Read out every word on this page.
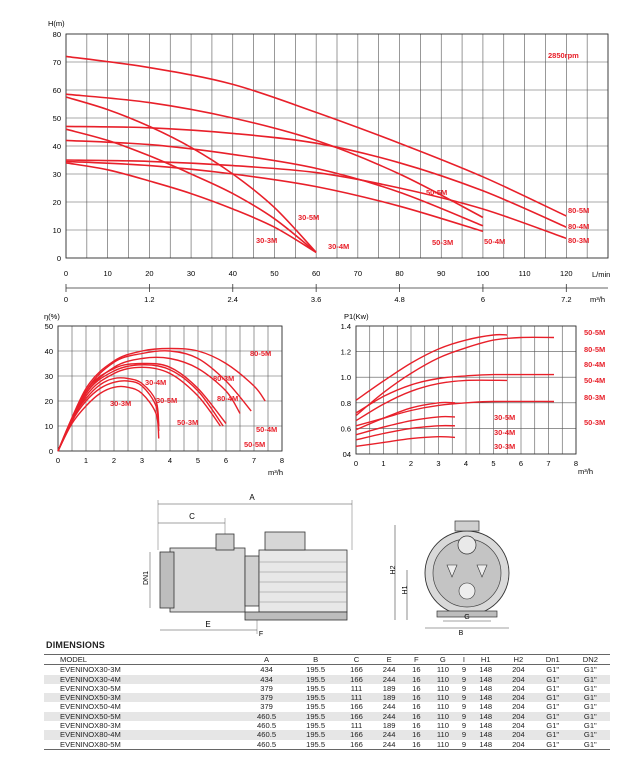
0
10
20
30
40
50
60
70
80
0	10	20	30	40	50	60	70	80	90	100	110	120
H(m)
L/min
2850rpm
0	1.2	2.4	3.6	4.8	6	7.2 m³/h
30-3M
30-4M
30-5M
50-3M	50-4M
50-5M
80-3M
80-4M
80-5M
0
10
20
30
40
50
0	1	2	3	4	5	6	7	8
ŋ(%)
m³/h
80-5M
80-3M
30-4M
30-3M	30-5M	80-4M
50-3M
50-4M
50-5M
04
0.6
0.8
1.0
1.2
1.4
0	1	2	3	4	5	6	7	8
P1(Kw)
m³/h
50-5M
80-5M
80-4M
50-4M
80-3M
50-3M
30-5M
30-4M
30-3M
A
C
DN1
E
F
H2
H1
G
B
DIMENSIONS
MODEL	A	B	C	E	F	G	I	H1	H2	Dn1	DN2
EVENINOX30-3M	434	195.5	166	244	16	110	9	148	204	G1"	G1"
EVENINOX30-4M	434	195.5	166	244	16	110	9	148	204	G1"	G1"
EVENINOX30-5M	379	195.5	111	189	16	110	9	148	204	G1"	G1"
EVENINOX50-3M	379	195.5	111	189	16	110	9	148	204	G1"	G1"
EVENINOX50-4M	379	195.5	166	244	16	110	9	148	204	G1"	G1"
EVENINOX50-5M	460.5	195.5	166	244	16	110	9	148	204	G1"	G1"
EVENINOX80-3M	460.5	195.5	111	189	16	110	9	148	204	G1"	G1"
EVENINOX80-4M	460.5	195.5	166	244	16	110	9	148	204	G1"	G1"
EVENINOX80-5M	460.5	195.5	166	244	16	110	9	148	204	G1"	G1"
